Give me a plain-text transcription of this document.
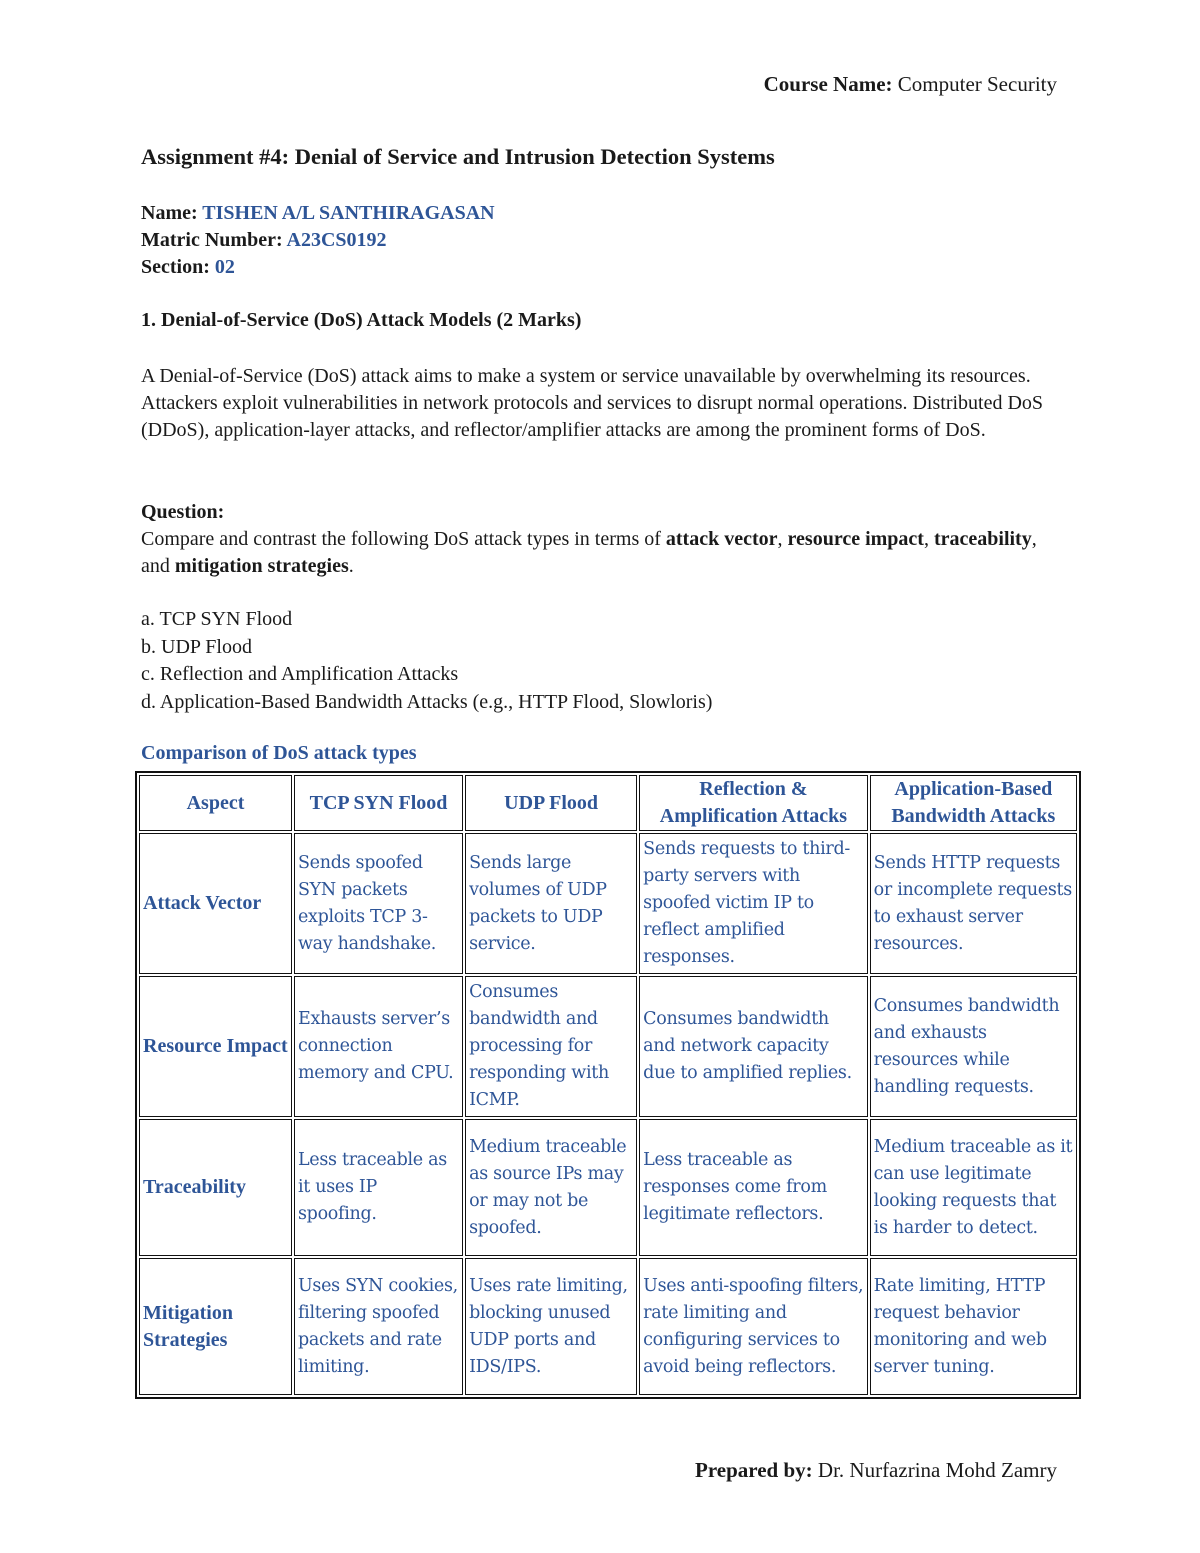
Course Name: Computer Security
Assignment #4: Denial of Service and Intrusion Detection Systems
Name: TISHEN A/L SANTHIRAGASAN
Matric Number: A23CS0192
Section: 02
1. Denial-of-Service (DoS) Attack Models (2 Marks)

A Denial-of-Service (DoS) attack aims to make a system or service unavailable by overwhelming its resources. Attackers exploit vulnerabilities in network protocols and services to disrupt normal operations. Distributed DoS (DDoS), application-layer attacks, and reflector/amplifier attacks are among the prominent forms of DoS.

Question:
Compare and contrast the following DoS attack types in terms of attack vector, resource impact, traceability, and mitigation strategies.
a. TCP SYN Flood
b. UDP Flood
c. Reflection and Amplification Attacks
d. Application-Based Bandwidth Attacks (e.g., HTTP Flood, Slowloris)
Comparison of DoS attack types
Aspect	TCP SYN Flood	UDP Flood	Reflection & Amplification Attacks	Application-Based Bandwidth Attacks
Attack Vector	Sends spoofed SYN packets exploits TCP 3-way handshake.	Sends large volumes of UDP packets to UDP service.	Sends requests to third-party servers with spoofed victim IP to reflect amplified responses.	Sends HTTP requests or incomplete requests to exhaust server resources.
Resource Impact	Exhausts server’s connection memory and CPU.	Consumes bandwidth and processing for responding with ICMP.	Consumes bandwidth and network capacity due to amplified replies.	Consumes bandwidth and exhausts resources while handling requests.
Traceability	Less traceable as it uses IP spoofing.	Medium traceable as source IPs may or may not be spoofed.	Less traceable as responses come from legitimate reflectors.	Medium traceable as it can use legitimate looking requests that is harder to detect.
Mitigation Strategies	Uses SYN cookies, filtering spoofed packets and rate limiting.	Uses rate limiting, blocking unused UDP ports and IDS/IPS.	Uses anti-spoofing filters, rate limiting and configuring services to avoid being reflectors.	Rate limiting, HTTP request behavior monitoring and web server tuning.
Prepared by: Dr. Nurfazrina Mohd Zamry
